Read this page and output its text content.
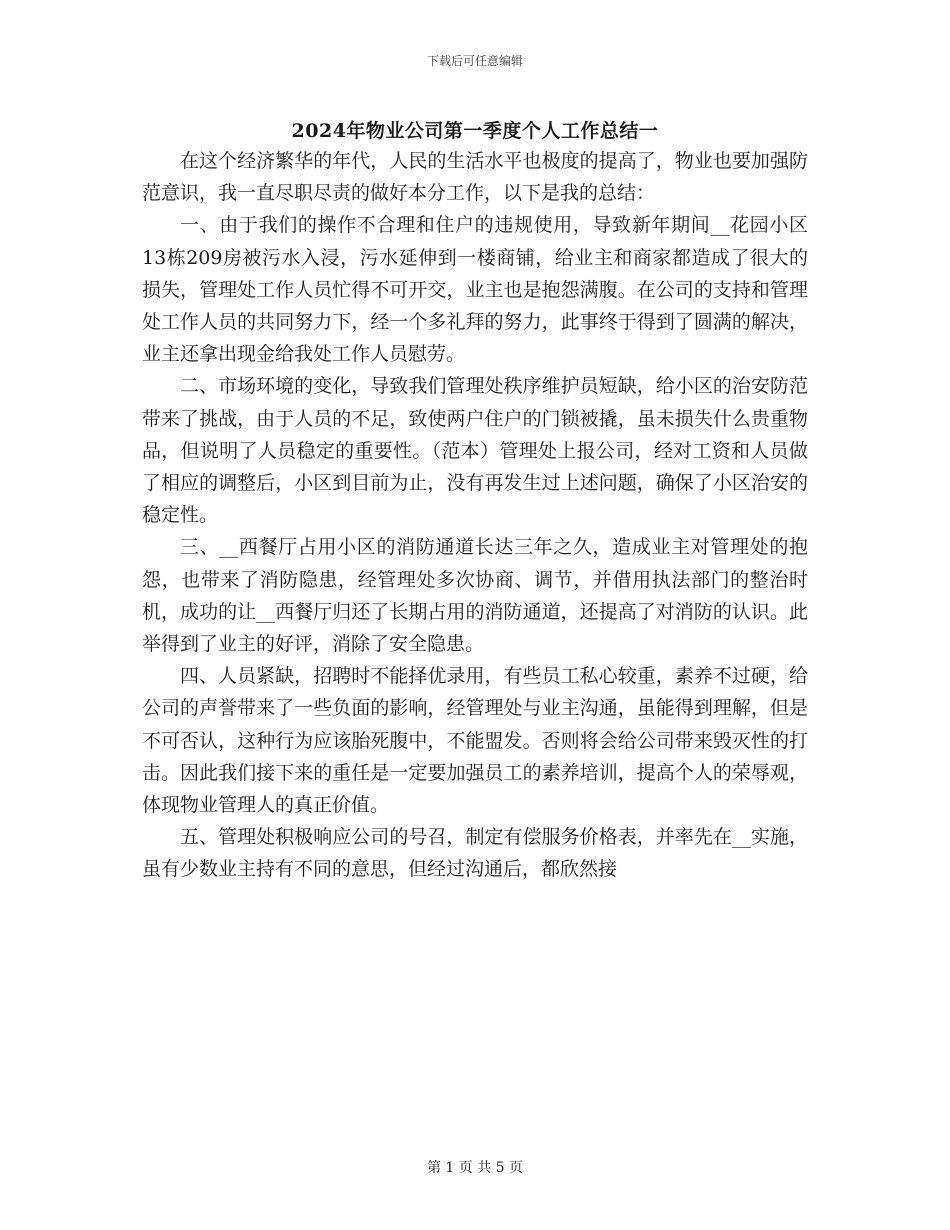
下载后可任意编辑
2024年物业公司第一季度个人工作总结一

在这个经济繁华的年代，人民的生活水平也极度的提高了，物业也要加强防范意识，我一直尽职尽责的做好本分工作，以下是我的总结：

一、由于我们的操作不合理和住户的违规使用，导致新年期间__花园小区13栋209房被污水入浸，污水延伸到一楼商铺，给业主和商家都造成了很大的损失，管理处工作人员忙得不可开交，业主也是抱怨满腹。在公司的支持和管理处工作人员的共同努力下，经一个多礼拜的努力，此事终于得到了圆满的解决，业主还拿出现金给我处工作人员慰劳。

二、市场环境的变化，导致我们管理处秩序维护员短缺，给小区的治安防范带来了挑战，由于人员的不足，致使两户住户的门锁被撬，虽未损失什么贵重物品，但说明了人员稳定的重要性。（范本）管理处上报公司，经对工资和人员做了相应的调整后，小区到目前为止，没有再发生过上述问题，确保了小区治安的稳定性。

三、__西餐厅占用小区的消防通道长达三年之久，造成业主对管理处的抱怨，也带来了消防隐患，经管理处多次协商、调节，并借用执法部门的整治时机，成功的让__西餐厅归还了长期占用的消防通道，还提高了对消防的认识。此举得到了业主的好评，消除了安全隐患。

四、人员紧缺，招聘时不能择优录用，有些员工私心较重，素养不过硬，给公司的声誉带来了一些负面的影响，经管理处与业主沟通，虽能得到理解，但是不可否认，这种行为应该胎死腹中，不能盟发。否则将会给公司带来毁灭性的打击。因此我们接下来的重任是一定要加强员工的素养培训，提高个人的荣辱观，体现物业管理人的真正价值。

五、管理处积极响应公司的号召，制定有偿服务价格表，并率先在__实施，虽有少数业主持有不同的意思，但经过沟通后，都欣然接

第 1 页 共 5 页
